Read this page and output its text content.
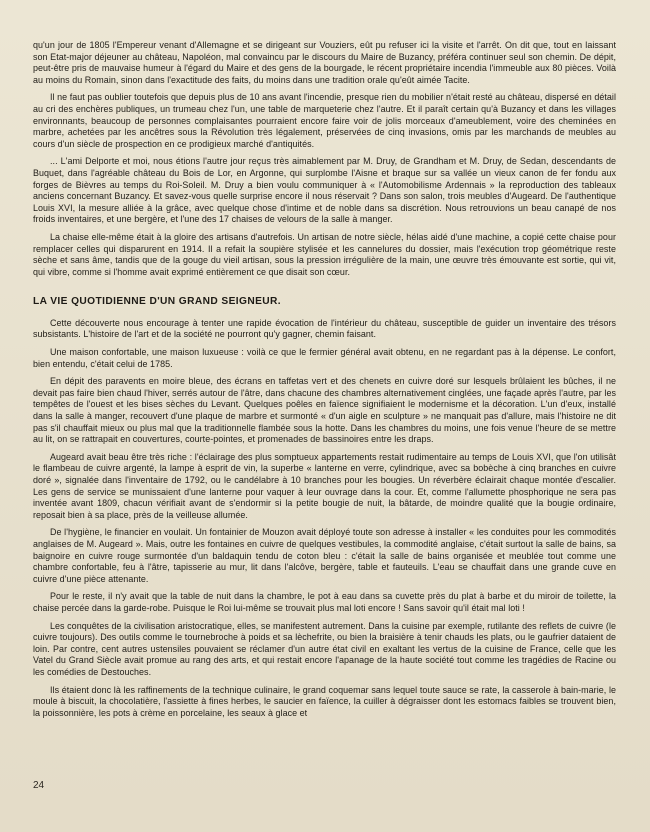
qu'un jour de 1805 l'Empereur venant d'Allemagne et se dirigeant sur Vouziers, eût pu refuser ici la visite et l'arrêt. On dit que, tout en laissant son Etat-major déjeuner au château, Napoléon, mal convaincu par le discours du Maire de Buzancy, préféra continuer seul son chemin. De dépit, peut-être pris de mauvaise humeur à l'égard du Maire et des gens de la bourgade, le récent propriétaire incendia l'immeuble aux 80 pièces. Voilà au moins du Romain, sinon dans l'exactitude des faits, du moins dans une tradition orale qu'eût aimée Tacite.

Il ne faut pas oublier toutefois que depuis plus de 10 ans avant l'incendie, presque rien du mobilier n'était resté au château, dispersé en détail au cri des enchères publiques, un trumeau chez l'un, une table de marqueterie chez l'autre. Et il paraît certain qu'à Buzancy et dans les villages environnants, beaucoup de personnes complaisantes pourraient encore faire voir de jolis morceaux d'ameublement, voire des cheminées en marbre, achetées par les ancêtres sous la Révolution très légalement, préservées de cinq invasions, omis par les marchands de meubles au cours d'un siècle de prospection en ce prodigieux marché d'antiquités.

... L'ami Delporte et moi, nous étions l'autre jour reçus très aimablement par M. Druy, de Grandham et M. Druy, de Sedan, descendants de Buquet, dans l'agréable château du Bois de Lor, en Argonne, qui surplombe l'Aisne et braque sur sa vallée un vieux canon de fer fondu aux forges de Bièvres au temps du Roi-Soleil. M. Druy a bien voulu communiquer à « l'Automobilisme Ardennais » la reproduction des tableaux anciens concernant Buzancy. Et savez-vous quelle surprise encore il nous réservait ? Dans son salon, trois meubles d'Augeard. De l'authentique Louis XVI, la mesure alliée à la grâce, avec quelque chose d'intime et de noble dans sa discrétion. Nous retrouvions un beau canapé de nos froids inventaires, et une bergère, et l'une des 17 chaises de velours de la salle à manger.

La chaise elle-même était à la gloire des artisans d'autrefois. Un artisan de notre siècle, hélas aidé d'une machine, a copié cette chaise pour remplacer celles qui disparurent en 1914. Il a refait la soupière stylisée et les cannelures du dossier, mais l'exécution trop géométrique reste sèche et sans âme, tandis que de la gouge du vieil artisan, sous la pression irrégulière de la main, une œuvre très émouvante est sortie, qui vit, qui vibre, comme si l'homme avait exprimé entièrement ce que disait son cœur.

LA VIE QUOTIDIENNE D'UN GRAND SEIGNEUR.

Cette découverte nous encourage à tenter une rapide évocation de l'intérieur du château, susceptible de guider un inventaire des trésors subsistants. L'histoire de l'art et de la société ne pourront qu'y gagner, chemin faisant.

Une maison confortable, une maison luxueuse : voilà ce que le fermier général avait obtenu, en ne regardant pas à la dépense. Le confort, bien entendu, c'était celui de 1785.

En dépit des paravents en moire bleue, des écrans en taffetas vert et des chenets en cuivre doré sur lesquels brûlaient les bûches, il ne devait pas faire bien chaud l'hiver, serrés autour de l'âtre, dans chacune des chambres alternativement cinglées, une façade après l'autre, par les tempêtes de l'ouest et les bises sèches du Levant. Quelques poêles en faïence signifiaient le modernisme et la décoration. L'un d'eux, installé dans la salle à manger, recouvert d'une plaque de marbre et surmonté « d'un aigle en sculpture » ne manquait pas d'allure, mais l'histoire ne dit pas s'il chauffait mieux ou plus mal que la traditionnelle flambée sous la hotte. Dans les chambres du moins, une fois venue l'heure de se mettre au lit, on se rattrapait en couvertures, courte-pointes, et promenades de bassinoires entre les draps.

Augeard avait beau être très riche : l'éclairage des plus somptueux appartements restait rudimentaire au temps de Louis XVI, que l'on utilisât le flambeau de cuivre argenté, la lampe à esprit de vin, la superbe « lanterne en verre, cylindrique, avec sa bobèche à cinq branches en cuivre doré », signalée dans l'inventaire de 1792, ou le candélabre à 10 branches pour les bougies. Un réverbère éclairait chaque montée d'escalier. Les gens de service se munissaient d'une lanterne pour vaquer à leur ouvrage dans la cour. Et, comme l'allumette phosphorique ne sera pas inventée avant 1809, chacun vérifiait avant de s'endormir si la petite bougie de nuit, la bâtarde, de moindre qualité que la bougie ordinaire, reposait bien à sa place, près de la veilleuse allumée.

De l'hygiène, le financier en voulait. Un fontainier de Mouzon avait déployé toute son adresse à installer « les conduites pour les commodités anglaises de M. Augeard ». Mais, outre les fontaines en cuivre de quelques vestibules, la commodité anglaise, c'était surtout la salle de bains, sa baignoire en cuivre rouge surmontée d'un baldaquin tendu de coton bleu : c'était la salle de bains organisée et meublée tout comme une chambre confortable, feu à l'âtre, tapisserie au mur, lit dans l'alcôve, bergère, table et fauteuils. L'eau se chauffait dans une grande cuve en cuivre d'une pièce attenante.

Pour le reste, il n'y avait que la table de nuit dans la chambre, le pot à eau dans sa cuvette près du plat à barbe et du miroir de toilette, la chaise percée dans la garde-robe. Puisque le Roi lui-même se trouvait plus mal loti encore ! Sans savoir qu'il était mal loti !

Les conquêtes de la civilisation aristocratique, elles, se manifestent autrement. Dans la cuisine par exemple, rutilante des reflets de cuivre (le cuivre toujours). Des outils comme le tournebroche à poids et sa lèchefrite, ou bien la braisière à tenir chauds les plats, ou le gaufrier dataient de loin. Par contre, cent autres ustensiles pouvaient se réclamer d'un autre état civil en exaltant les vertus de la cuisine de France, celle que les Vatel du Grand Siècle avait promue au rang des arts, et qui restait encore l'apanage de la haute société tout comme les tragédies de Racine ou les comédies de Destouches.

Ils étaient donc là les raffinements de la technique culinaire, le grand coquemar sans lequel toute sauce se rate, la casserole à bain-marie, le moule à biscuit, la chocolatière, l'assiette à fines herbes, le saucier en faïence, la cuiller à dégraisser dont les estomacs faibles se trouvent bien, la poissonnière, les pots à crème en porcelaine, les seaux à glace et

24
